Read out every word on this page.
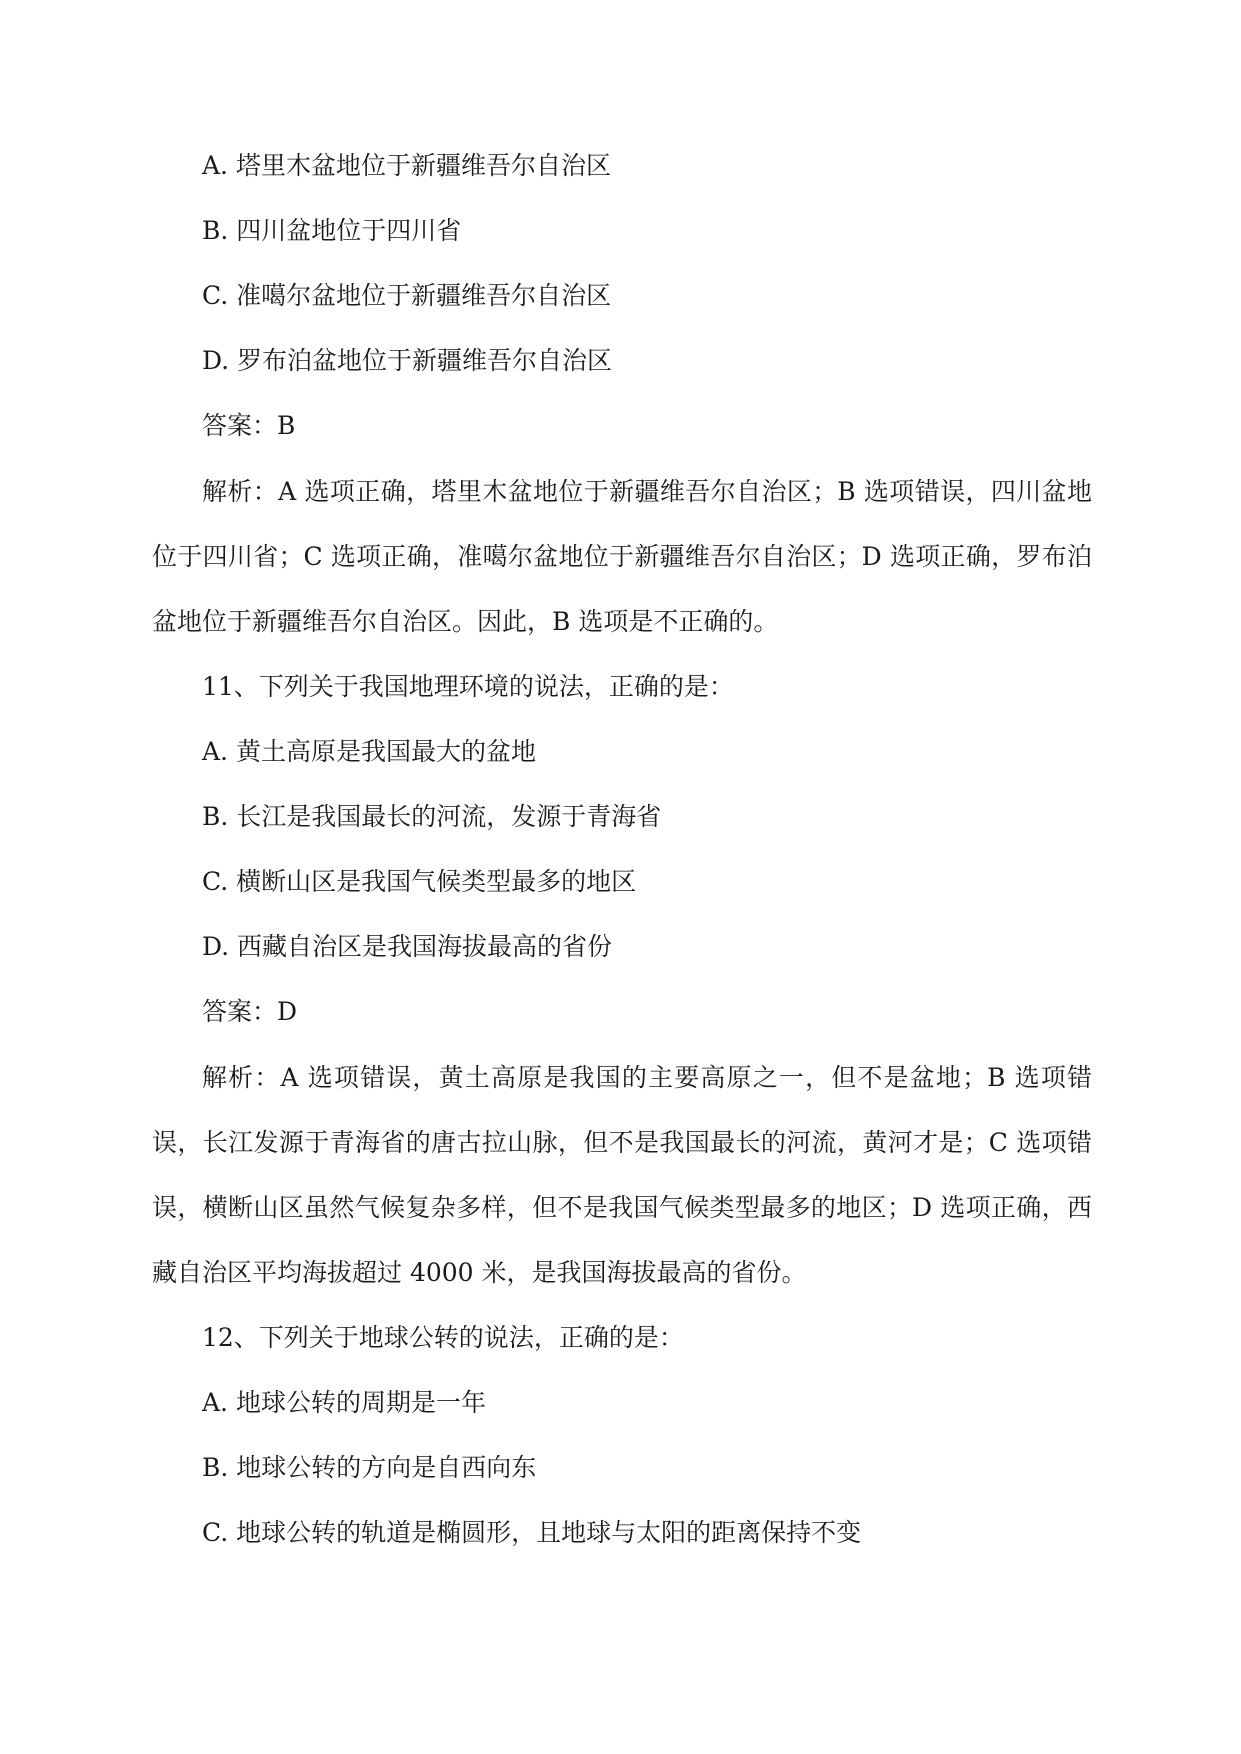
A. 塔里木盆地位于新疆维吾尔自治区
B. 四川盆地位于四川省
C. 准噶尔盆地位于新疆维吾尔自治区
D. 罗布泊盆地位于新疆维吾尔自治区
答案：B
解析：A 选项正确，塔里木盆地位于新疆维吾尔自治区；B 选项错误，四川盆地位于四川省；C 选项正确，准噶尔盆地位于新疆维吾尔自治区；D 选项正确，罗布泊盆地位于新疆维吾尔自治区。因此，B 选项是不正确的。
11、下列关于我国地理环境的说法，正确的是：
A. 黄土高原是我国最大的盆地
B. 长江是我国最长的河流，发源于青海省
C. 横断山区是我国气候类型最多的地区
D. 西藏自治区是我国海拔最高的省份
答案：D
解析：A 选项错误，黄土高原是我国的主要高原之一，但不是盆地；B 选项错误，长江发源于青海省的唐古拉山脉，但不是我国最长的河流，黄河才是；C 选项错误，横断山区虽然气候复杂多样，但不是我国气候类型最多的地区；D 选项正确，西藏自治区平均海拔超过 4000 米，是我国海拔最高的省份。
12、下列关于地球公转的说法，正确的是：
A. 地球公转的周期是一年
B. 地球公转的方向是自西向东
C. 地球公转的轨道是椭圆形，且地球与太阳的距离保持不变
